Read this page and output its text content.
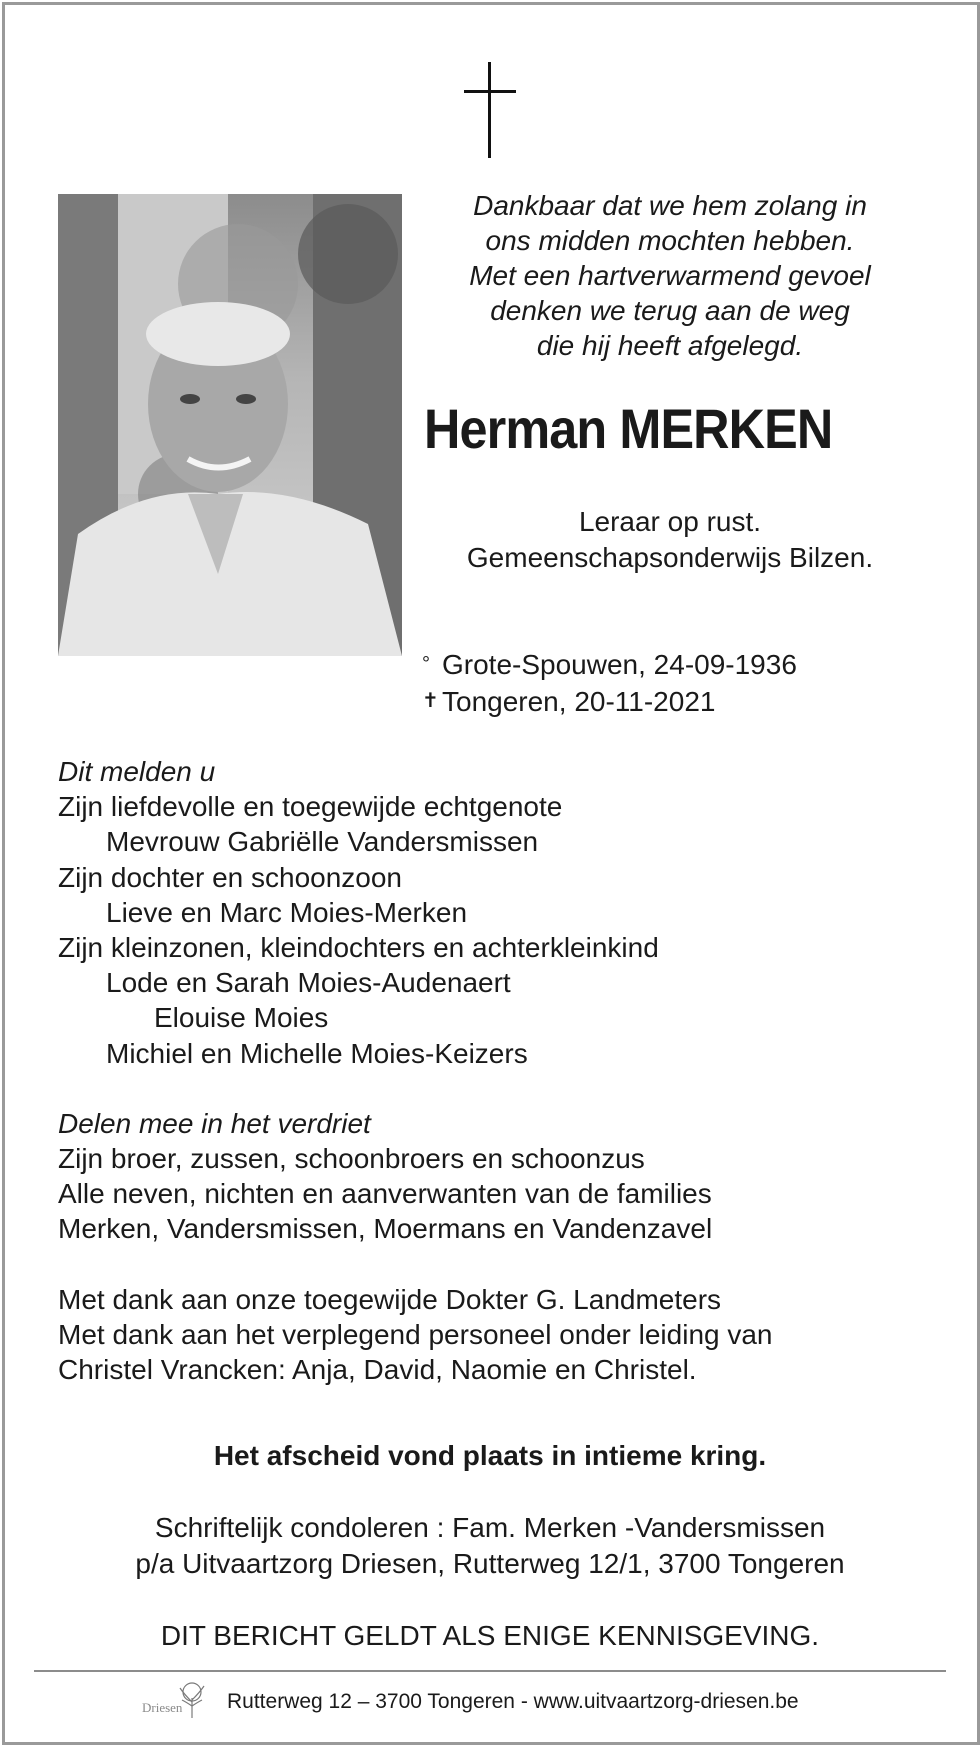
Dankbaar dat we hem zolang in
ons midden mochten hebben.
Met een hartverwarmend gevoel
denken we terug aan de weg
die hij heeft afgelegd.
Herman MERKEN
Leraar op rust.
Gemeenschapsonderwijs Bilzen.
° Grote-Spouwen, 24-09-1936
✝ Tongeren, 20-11-2021
Dit melden u
Zijn liefdevolle en toegewijde echtgenote
Mevrouw Gabriëlle Vandersmissen
Zijn dochter en schoonzoon
Lieve en Marc Moies-Merken
Zijn kleinzonen, kleindochters en achterkleinkind
Lode en Sarah Moies-Audenaert
Elouise Moies
Michiel en Michelle Moies-Keizers
Delen mee in het verdriet
Zijn broer, zussen, schoonbroers en schoonzus
Alle neven, nichten en aanverwanten van de families
Merken, Vandersmissen, Moermans en Vandenzavel
Met dank aan onze toegewijde Dokter G. Landmeters
Met dank aan het verplegend personeel onder leiding van
Christel Vrancken: Anja, David, Naomie en Christel.
Het afscheid vond plaats in intieme kring.
Schriftelijk condoleren : Fam. Merken -Vandersmissen
p/a Uitvaartzorg Driesen, Rutterweg 12/1, 3700 Tongeren
DIT BERICHT GELDT ALS ENIGE KENNISGEVING.
Driesen Rutterweg 12 – 3700 Tongeren - www.uitvaartzorg-driesen.be
